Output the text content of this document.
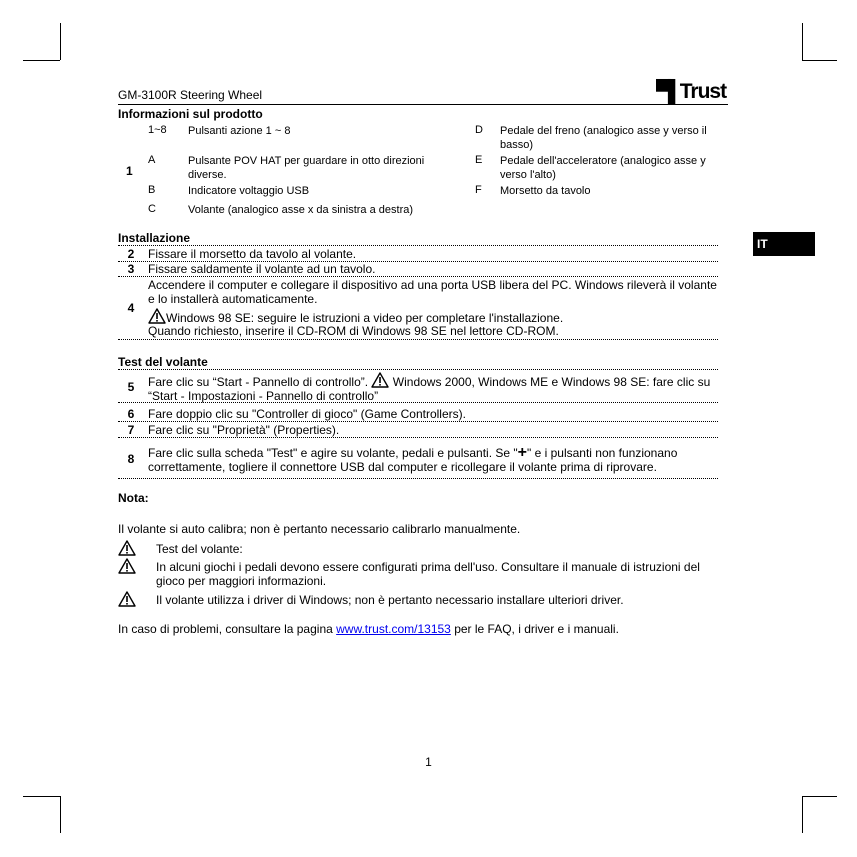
GM-3100R Steering Wheel	▀▌Trust
IT
Informazioni sul prodotto
1
1~8 Pulsanti azione 1 ~ 8
A	Pulsante POV HAT per guardare in otto direzioni diverse.
B	Indicatore voltaggio USB
C	Volante (analogico asse x da sinistra a destra)
D Pedale del freno (analogico asse y verso il basso)
E Pedale dell'acceleratore (analogico asse y verso l'alto)
F Morsetto da tavolo
Installazione
2	Fissare il morsetto da tavolo al volante.
3	Fissare saldamente il volante ad un tavolo.
4
Accendere il computer e collegare il dispositivo ad una porta USB libera del PC. Windows rileverà il volante e lo installerà automaticamente.
Windows 98 SE: seguire le istruzioni a video per completare l'installazione.
Quando richiesto, inserire il CD-ROM di Windows 98 SE nel lettore CD-ROM.
Test del volante
5	Fare clic su “Start - Pannello di controllo”. Windows 2000, Windows ME e Windows 98 SE: fare clic su “Start - Impostazioni - Pannello di controllo”
6	Fare doppio clic su "Controller di gioco" (Game Controllers).
7	Fare clic su "Proprietà" (Properties).
8	Fare clic sulla scheda "Test" e agire su volante, pedali e pulsanti. Se "+" e i pulsanti non funzionano correttamente, togliere il connettore USB dal computer e ricollegare il volante prima di riprovare.
Nota:
Il volante si auto calibra; non è pertanto necessario calibrarlo manualmente.
Test del volante:
In alcuni giochi i pedali devono essere configurati prima dell'uso. Consultare il manuale di istruzioni del gioco per maggiori informazioni.
Il volante utilizza i driver di Windows; non è pertanto necessario installare ulteriori driver.
In caso di problemi, consultare la pagina www.trust.com/13153 per le FAQ, i driver e i manuali.
1
